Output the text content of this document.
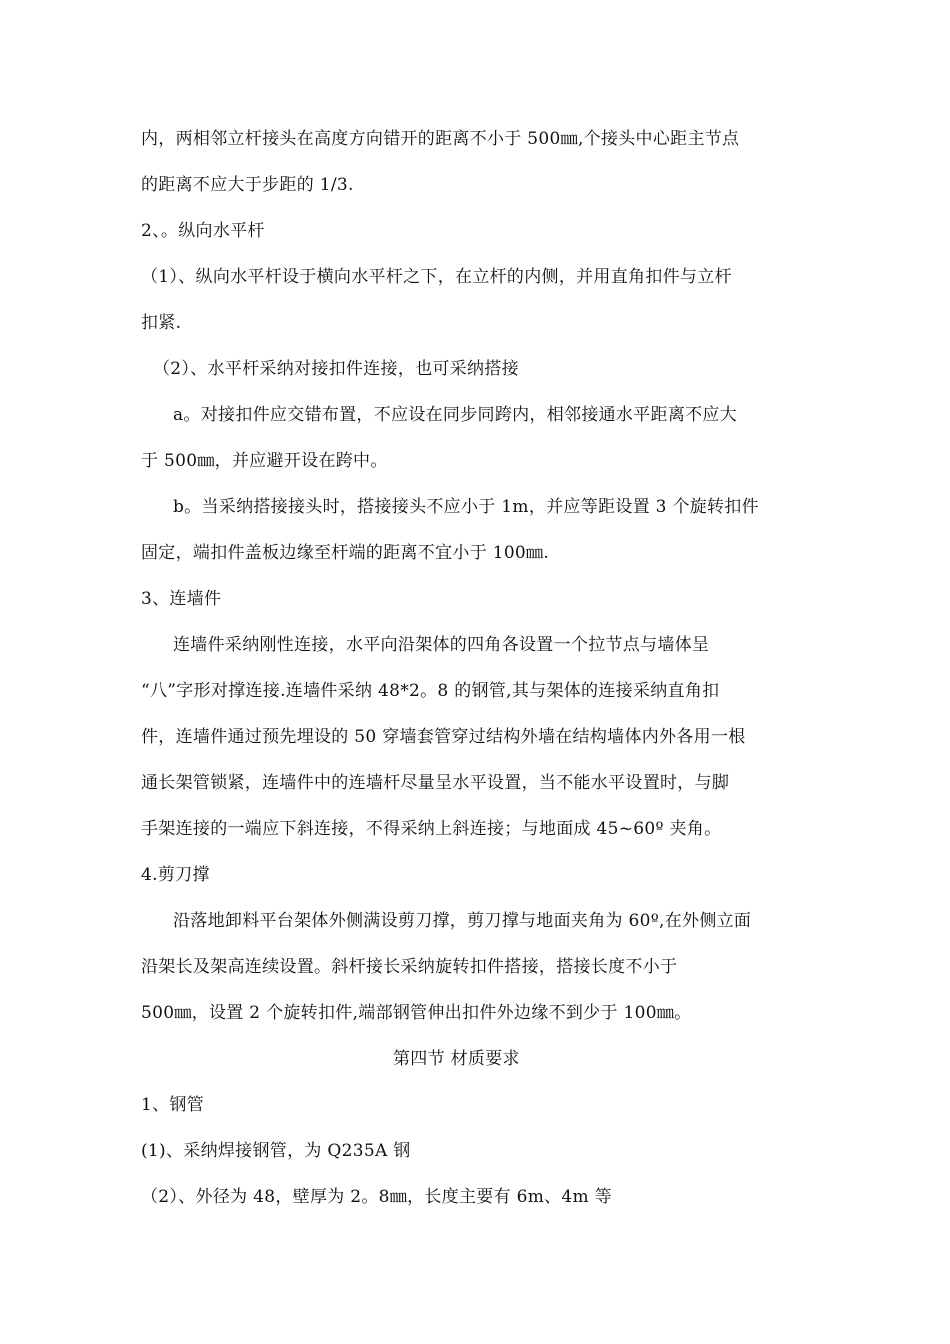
内，两相邻立杆接头在高度方向错开的距离不小于 500㎜,个接头中心距主节点
的距离不应大于步距的 1/3.
2、。纵向水平杆
（1）、纵向水平杆设于横向水平杆之下，在立杆的内侧，并用直角扣件与立杆
扣紧.
（2）、水平杆采纳对接扣件连接，也可采纳搭接
a。对接扣件应交错布置，不应设在同步同跨内，相邻接通水平距离不应大
于 500㎜，并应避开设在跨中。
b。当采纳搭接接头时，搭接接头不应小于 1m，并应等距设置 3 个旋转扣件
固定，端扣件盖板边缘至杆端的距离不宜小于 100㎜.
3、连墙件
连墙件采纳刚性连接，水平向沿架体的四角各设置一个拉节点与墙体呈
“八”字形对撑连接.连墙件采纳 48*2。8 的钢管,其与架体的连接采纳直角扣
件，连墙件通过预先埋设的 50 穿墙套管穿过结构外墙在结构墙体内外各用一根
通长架管锁紧，连墙件中的连墙杆尽量呈水平设置，当不能水平设置时，与脚
手架连接的一端应下斜连接，不得采纳上斜连接；与地面成 45~60º 夹角。
4.剪刀撑
沿落地卸料平台架体外侧满设剪刀撑，剪刀撑与地面夹角为 60º,在外侧立面
沿架长及架高连续设置。斜杆接长采纳旋转扣件搭接，搭接长度不小于
500㎜，设置 2 个旋转扣件,端部钢管伸出扣件外边缘不到少于 100㎜。
第四节 材质要求
1、钢管
(1)、采纳焊接钢管，为 Q235A 钢
（2）、外径为 48，壁厚为 2。8㎜，长度主要有 6m、4m 等
